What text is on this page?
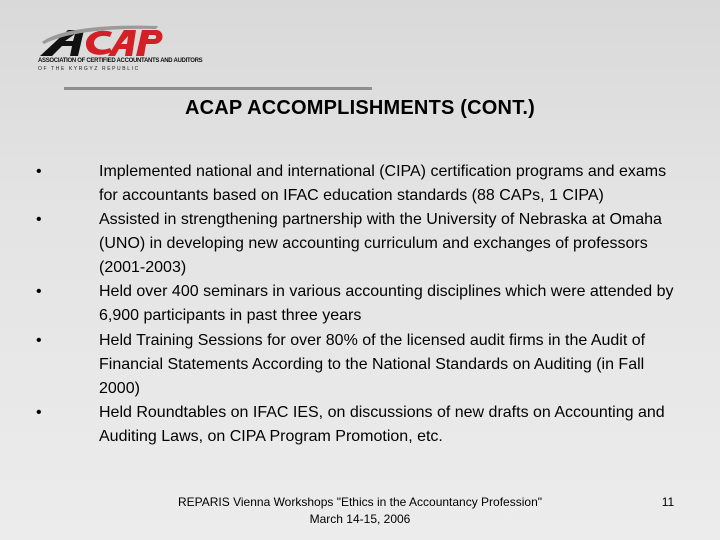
ASSOCIATION OF CERTIFIED ACCOUNTANTS AND AUDITORS
OF THE KYRGYZ REPUBLIC
ACAP ACCOMPLISHMENTS (CONT.)
•	Implemented national and international (CIPA) certification programs and exams for accountants based on IFAC education standards (88 CAPs, 1 CIPA)
•	Assisted in strengthening partnership with the University of Nebraska at Omaha (UNO) in developing new accounting curriculum and exchanges of professors (2001-2003)
•	Held over 400 seminars in various accounting disciplines which were attended by 6,900 participants in past three years
•	Held Training Sessions for over 80% of the licensed audit firms in the Audit of Financial Statements According to the National Standards on Auditing (in Fall 2000)
•	Held Roundtables on IFAC IES, on discussions of new drafts on Accounting and Auditing Laws, on CIPA Program Promotion, etc.
REPARIS Vienna Workshops "Ethics in the Accountancy Profession"
March 14-15, 2006
11
